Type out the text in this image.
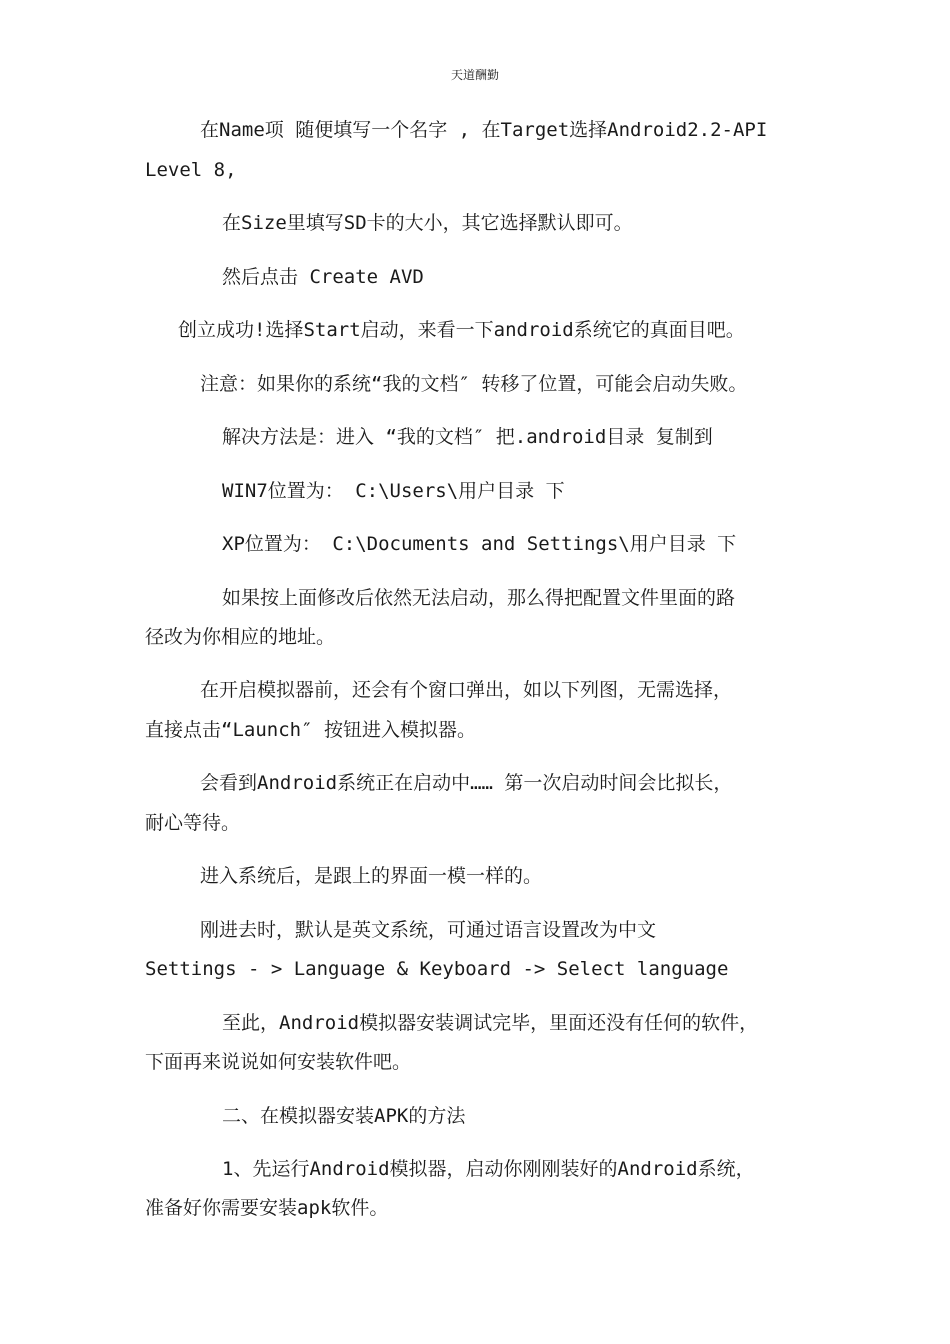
天道酬勤
在Name项 随便填写一个名字 , 在Target选择Android2.2-API
Level 8,
在Size里填写SD卡的大小，其它选择默认即可。
然后点击 Create AVD
创立成功!选择Start启动，来看一下android系统它的真面目吧。
注意：如果你的系统“我的文档″ 转移了位置，可能会启动失败。
解决方法是：进入 “我的文档″ 把.android目录 复制到
WIN7位置为： C:\Users\用户目录 下
XP位置为： C:\Documents and Settings\用户目录 下
如果按上面修改后依然无法启动，那么得把配置文件里面的路
径改为你相应的地址。
在开启模拟器前，还会有个窗口弹出，如以下列图，无需选择，
直接点击“Launch″ 按钮进入模拟器。
会看到Android系统正在启动中…… 第一次启动时间会比拟长，
耐心等待。
进入系统后，是跟上的界面一模一样的。
刚进去时，默认是英文系统，可通过语言设置改为中文
Settings - > Language & Keyboard -> Select language
至此，Android模拟器安装调试完毕，里面还没有任何的软件，
下面再来说说如何安装软件吧。
二、在模拟器安装APK的方法
1、先运行Android模拟器，启动你刚刚装好的Android系统，
准备好你需要安装apk软件。
